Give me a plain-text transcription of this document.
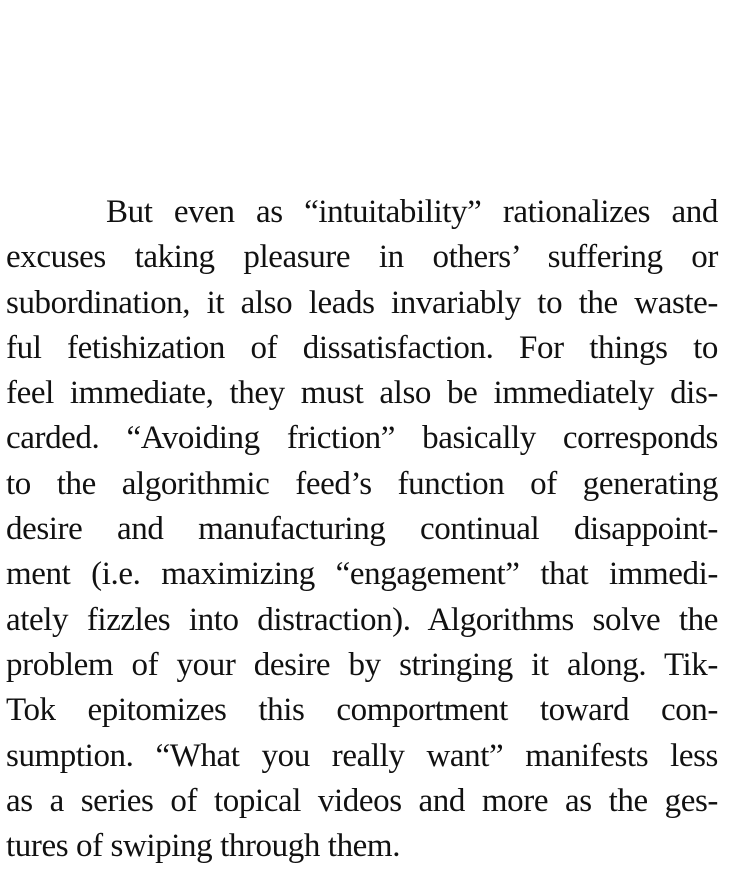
But even as “intuitability” rationalizes and
excuses taking pleasure in others’ suffering or
subordination, it also leads invariably to the waste-
ful fetishization of dissatisfaction. For things to
feel immediate, they must also be immediately dis-
carded. “Avoiding friction” basically corresponds
to the algorithmic feed’s function of generating
desire and manufacturing continual disappoint-
ment (i.e. maximizing “engagement” that immedi-
ately fizzles into distraction). Algorithms solve the
problem of your desire by stringing it along. Tik-
Tok epitomizes this comportment toward con-
sumption. “What you really want” manifests less
as a series of topical videos and more as the ges-
tures of swiping through them.
